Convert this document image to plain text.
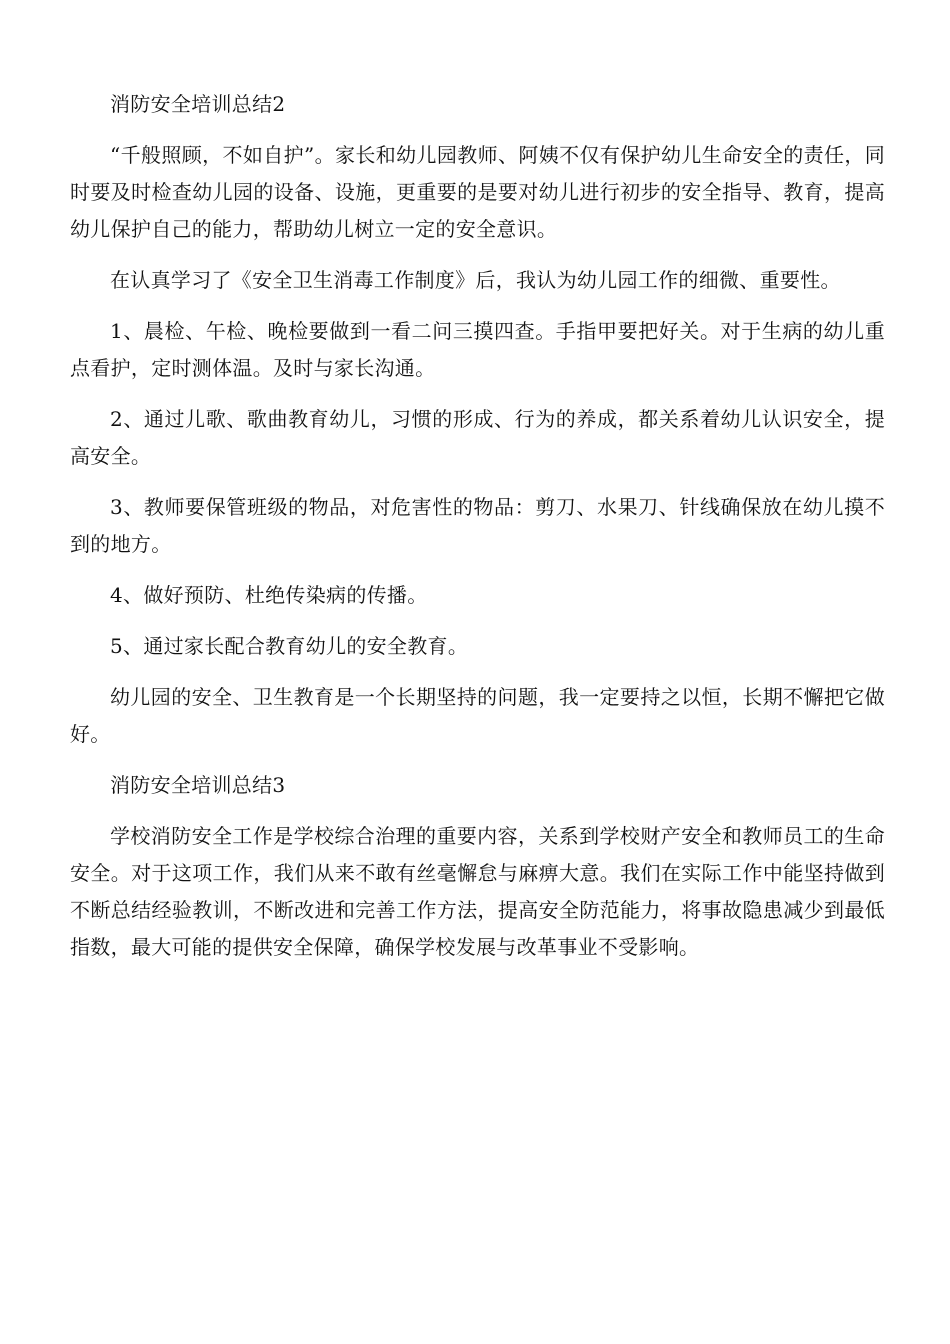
消防安全培训总结2

“千般照顾，不如自护”。家长和幼儿园教师、阿姨不仅有保护幼儿生命安全的责任，同时要及时检查幼儿园的设备、设施，更重要的是要对幼儿进行初步的安全指导、教育，提高幼儿保护自己的能力，帮助幼儿树立一定的安全意识。

在认真学习了《安全卫生消毒工作制度》后，我认为幼儿园工作的细微、重要性。

1、晨检、午检、晚检要做到一看二问三摸四查。手指甲要把好关。对于生病的幼儿重点看护，定时测体温。及时与家长沟通。

2、通过儿歌、歌曲教育幼儿，习惯的形成、行为的养成，都关系着幼儿认识安全，提高安全。

3、教师要保管班级的物品，对危害性的物品：剪刀、水果刀、针线确保放在幼儿摸不到的地方。

4、做好预防、杜绝传染病的传播。

5、通过家长配合教育幼儿的安全教育。

幼儿园的安全、卫生教育是一个长期坚持的问题，我一定要持之以恒，长期不懈把它做好。

消防安全培训总结3

学校消防安全工作是学校综合治理的重要内容，关系到学校财产安全和教师员工的生命安全。对于这项工作，我们从来不敢有丝毫懈怠与麻痹大意。我们在实际工作中能坚持做到不断总结经验教训，不断改进和完善工作方法，提高安全防范能力，将事故隐患减少到最低指数，最大可能的提供安全保障，确保学校发展与改革事业不受影响。
